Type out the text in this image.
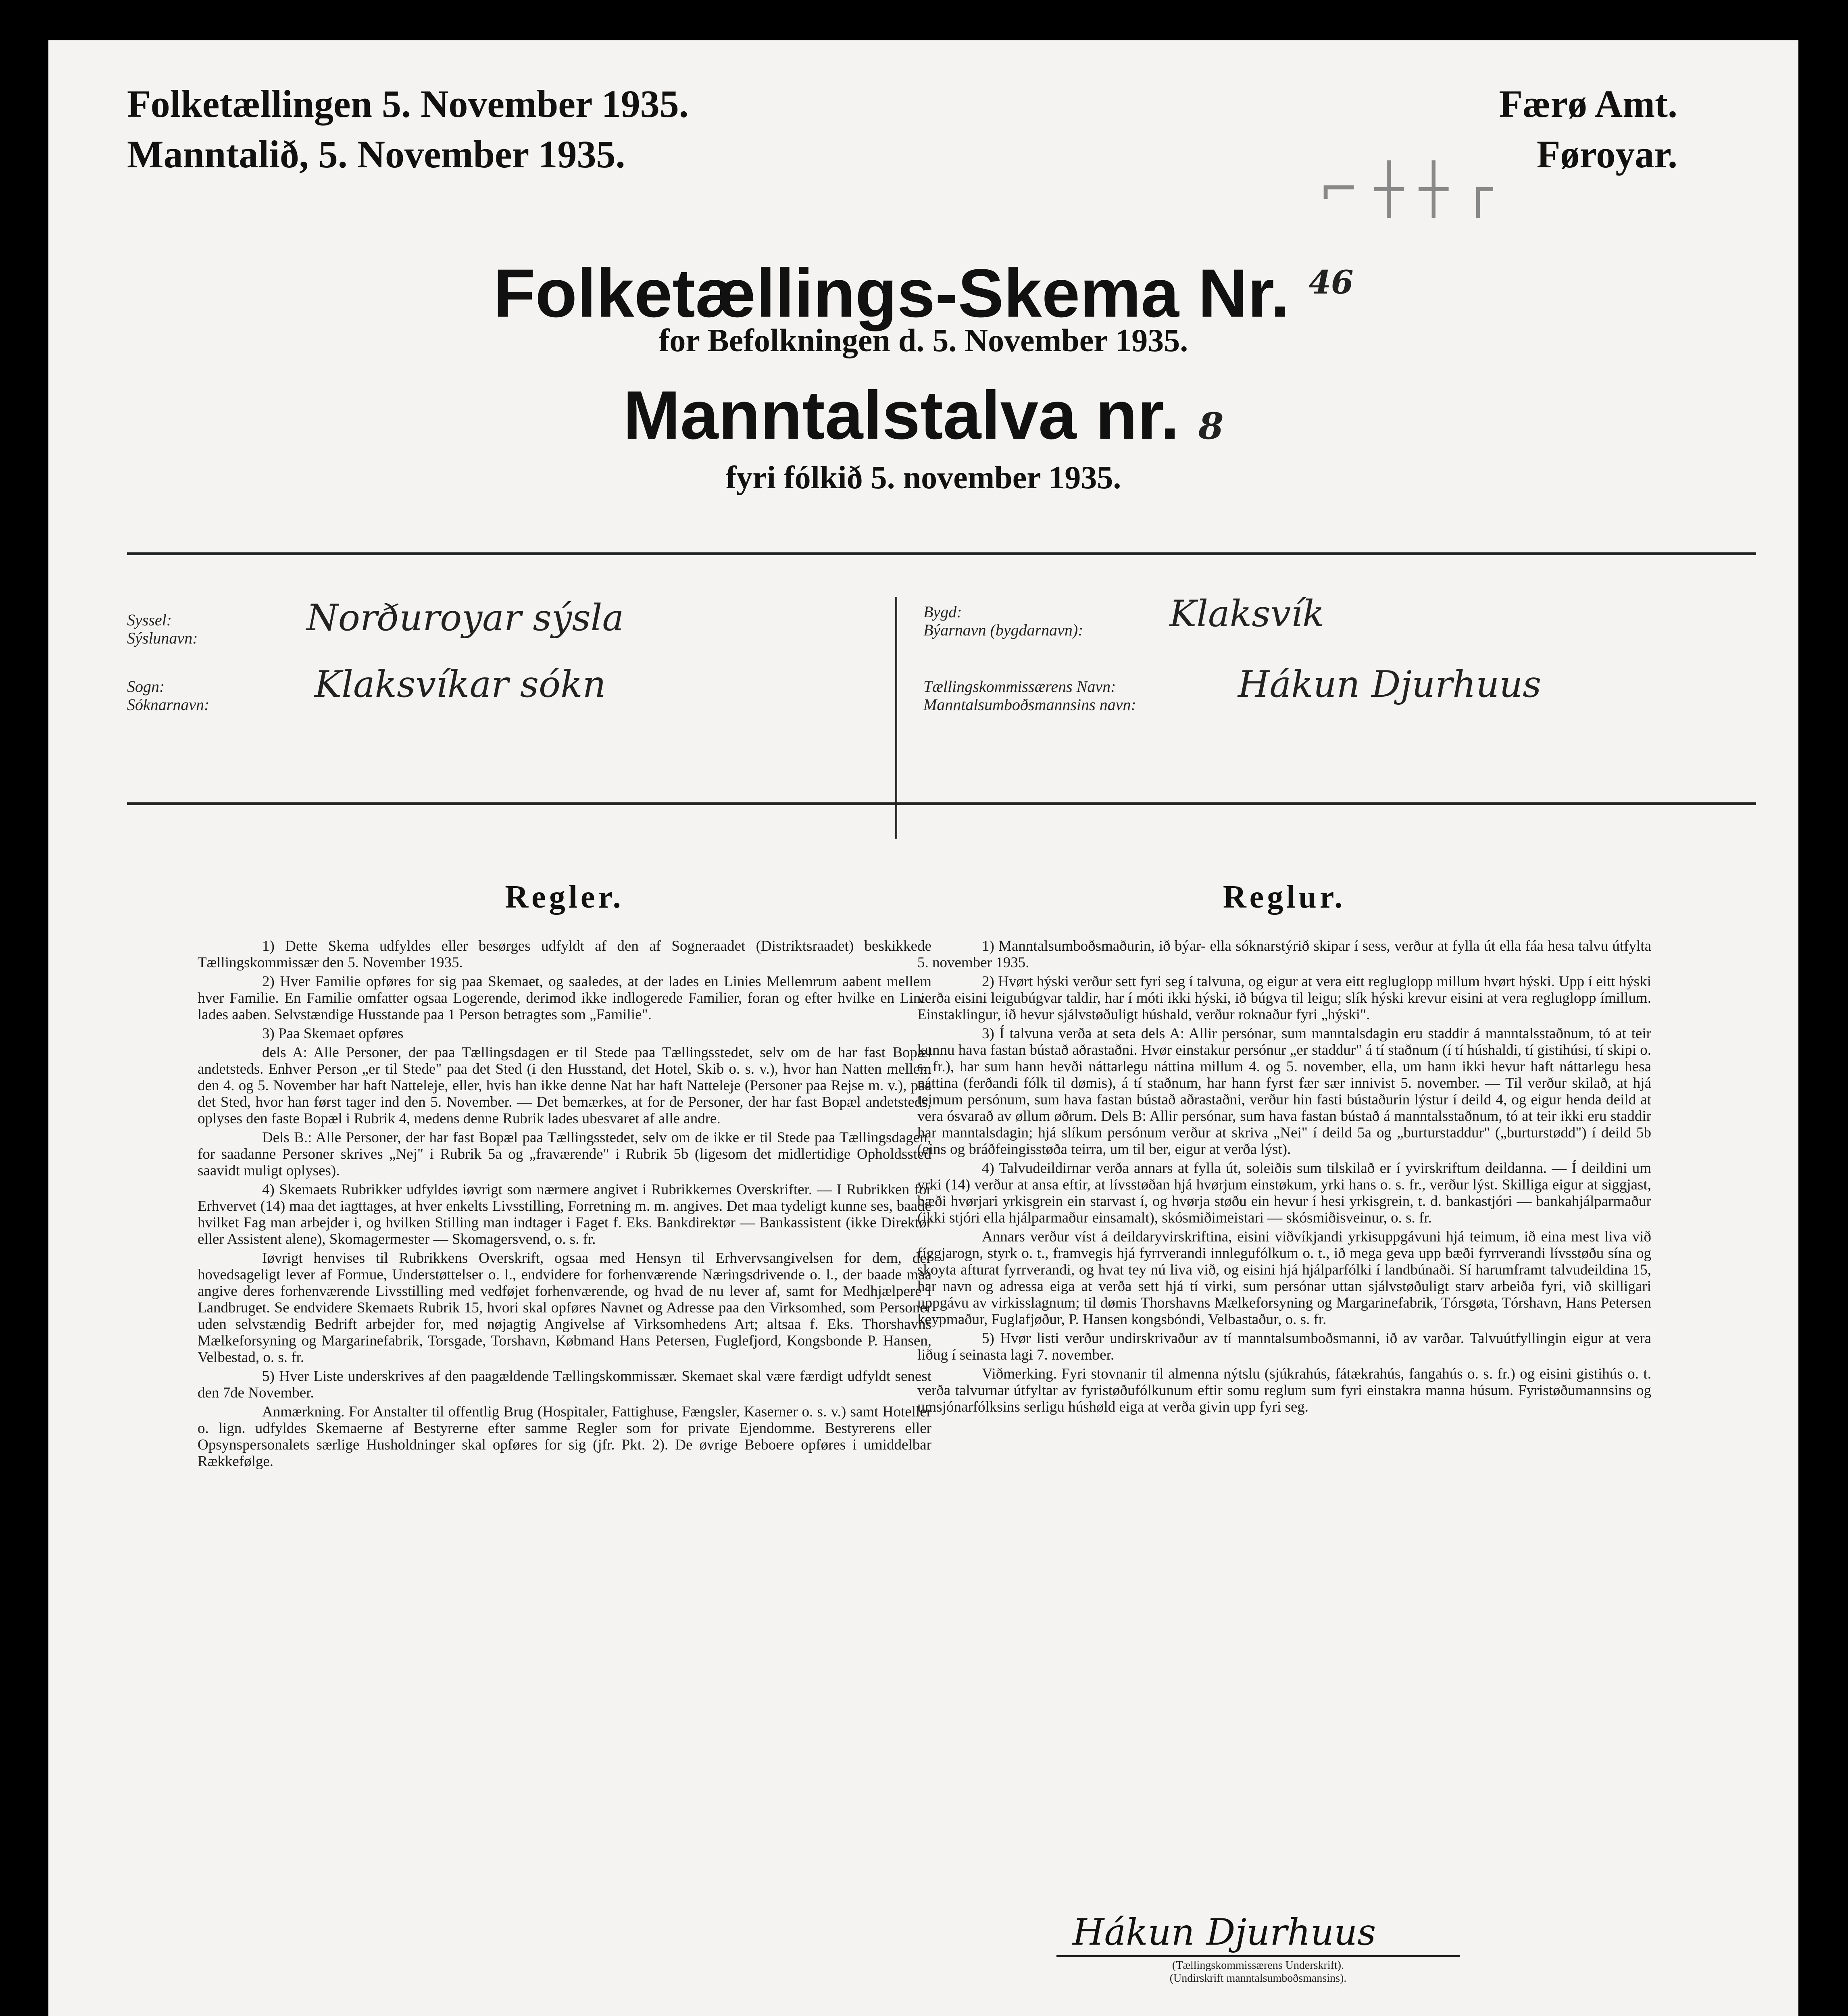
Folketællingen 5. November 1935.
Manntalið, 5. November 1935.
Færø Amt.
Føroyar.
⌐ ┼ ┼ ┌
Folketællings-Skema Nr. $^{46}$
for Befolkningen d. 5. November 1935.
Manntalstalva nr. 8
fyri fólkið 5. november 1935.
Syssel:
Sýslunavn:	Norðuroyar sýsla
Sogn:
Sóknarnavn:	Klaksvíkar sókn
Bygd:
Býarnavn (bygdarnavn): Klaksvík
Tællingskommissærens Navn:
Manntalsumboðsmannsins navn:	Hákun Djurhuus
Regler.

1) Dette Skema udfyldes eller besørges udfyldt af den af Sogneraadet (Distriktsraadet) beskikkede Tællingskommissær den 5. November 1935.

2) Hver Familie opføres for sig paa Skemaet, og saaledes, at der lades en Linies Mellemrum aabent mellem hver Familie. En Familie omfatter ogsaa Logerende, derimod ikke indlogerede Familier, foran og efter hvilke en Linie lades aaben. Selvstændige Husstande paa 1 Person betragtes som „Familie".

3) Paa Skemaet opføres

dels A: Alle Personer, der paa Tællingsdagen er til Stede paa Tællingsstedet, selv om de har fast Bopæl andetsteds. Enhver Person „er til Stede" paa det Sted (i den Husstand, det Hotel, Skib o. s. v.), hvor han Natten mellem den 4. og 5. November har haft Natteleje, eller, hvis han ikke denne Nat har haft Natteleje (Personer paa Rejse m. v.), paa det Sted, hvor han først tager ind den 5. November. — Det bemærkes, at for de Personer, der har fast Bopæl andetsteds, oplyses den faste Bopæl i Rubrik 4, medens denne Rubrik lades ubesvaret af alle andre.

Dels B.: Alle Personer, der har fast Bopæl paa Tællingsstedet, selv om de ikke er til Stede paa Tællingsdagen; for saadanne Personer skrives „Nej" i Rubrik 5a og „fraværende" i Rubrik 5b (ligesom det midlertidige Opholdssted saavidt muligt oplyses).

4) Skemaets Rubrikker udfyldes iøvrigt som nærmere angivet i Rubrikkernes Overskrifter. — I Rubrikken for Erhvervet (14) maa det iagttages, at hver enkelts Livsstilling, Forretning m. m. angives. Det maa tydeligt kunne ses, baade hvilket Fag man arbejder i, og hvilken Stilling man indtager i Faget f. Eks. Bankdirektør — Bankassistent (ikke Direktør eller Assistent alene), Skomagermester — Skomagersvend, o. s. fr.

Iøvrigt henvises til Rubrikkens Overskrift, ogsaa med Hensyn til Erhvervsangivelsen for dem, der hovedsageligt lever af Formue, Understøttelser o. l., endvidere for forhenværende Næringsdrivende o. l., der baade maa angive deres forhenværende Livsstilling med vedføjet forhenværende, og hvad de nu lever af, samt for Medhjælpere i Landbruget. Se endvidere Skemaets Rubrik 15, hvori skal opføres Navnet og Adresse paa den Virksomhed, som Personer uden selvstændig Bedrift arbejder for, med nøjagtig Angivelse af Virksomhedens Art; altsaa f. Eks. Thorshavns Mælkeforsyning og Margarinefabrik, Torsgade, Torshavn, Købmand Hans Petersen, Fuglefjord, Kongsbonde P. Hansen, Velbestad, o. s. fr.

5) Hver Liste underskrives af den paagældende Tællingskommissær. Skemaet skal være færdigt udfyldt senest den 7de November.

Anmærkning. For Anstalter til offentlig Brug (Hospitaler, Fattighuse, Fængsler, Kaserner o. s. v.) samt Hoteller o. lign. udfyldes Skemaerne af Bestyrerne efter samme Regler som for private Ejendomme. Bestyrerens eller Opsynspersonalets særlige Husholdninger skal opføres for sig (jfr. Pkt. 2). De øvrige Beboere opføres i umiddelbar Rækkefølge.

Reglur.

1) Manntalsumboðsmaðurin, ið býar- ella sóknarstýrið skipar í sess, verður at fylla út ella fáa hesa talvu útfylta 5. november 1935.

2) Hvørt hýski verður sett fyri seg í talvuna, og eigur at vera eitt regluglopp millum hvørt hýski. Upp í eitt hýski verða eisini leigubúgvar taldir, har í móti ikki hýski, ið búgva til leigu; slík hýski krevur eisini at vera regluglopp ímillum. Einstaklingur, ið hevur sjálvstøðuligt húshald, verður roknaður fyri „hýski".

3) Í talvuna verða at seta dels A: Allir persónar, sum manntalsdagin eru staddir á manntalsstaðnum, tó at teir kunnu hava fastan bústað aðrastaðni. Hvør einstakur persónur „er staddur" á tí staðnum (í tí húshaldi, tí gistihúsi, tí skipi o. s. fr.), har sum hann hevði náttarlegu náttina millum 4. og 5. november, ella, um hann ikki hevur haft náttarlegu hesa náttina (ferðandi fólk til dømis), á tí staðnum, har hann fyrst fær sær innivist 5. november. — Til verður skilað, at hjá teimum persónum, sum hava fastan bústað aðrastaðni, verður hin fasti bústaðurin lýstur í deild 4, og eigur henda deild at vera ósvarað av øllum øðrum. Dels B: Allir persónar, sum hava fastan bústað á manntalsstaðnum, tó at teir ikki eru staddir har manntalsdagin; hjá slíkum persónum verður at skriva „Nei" í deild 5a og „burturstaddur" („burturstødd") í deild 5b (eins og bráðfeingisstøða teirra, um til ber, eigur at verða lýst).

4) Talvudeildirnar verða annars at fylla út, soleiðis sum tilskilað er í yvirskriftum deildanna. — Í deildini um yrki (14) verður at ansa eftir, at lívsstøðan hjá hvørjum einstøkum, yrki hans o. s. fr., verður lýst. Skilliga eigur at siggjast, bæði hvørjari yrkisgrein ein starvast í, og hvørja støðu ein hevur í hesi yrkisgrein, t. d. bankastjóri — bankahjálparmaður (ikki stjóri ella hjálparmaður einsamalt), skósmiðimeistari — skósmiðisveinur, o. s. fr.

Annars verður víst á deildaryvirskriftina, eisini viðvíkjandi yrkisuppgávuni hjá teimum, ið eina mest liva við fíggjarogn, styrk o. t., framvegis hjá fyrrverandi innlegufólkum o. t., ið mega geva upp bæði fyrrverandi lívsstøðu sína og skoyta afturat fyrrverandi, og hvat tey nú liva við, og eisini hjá hjálparfólki í landbúnaði. Sí harumframt talvudeildina 15, har navn og adressa eiga at verða sett hjá tí virki, sum persónar uttan sjálvstøðuligt starv arbeiða fyri, við skilligari uppgávu av virkisslagnum; til dømis Thorshavns Mælkeforsyning og Margarinefabrik, Tórsgøta, Tórshavn, Hans Petersen keypmaður, Fuglafjøður, P. Hansen kongsbóndi, Velbastaður, o. s. fr.

5) Hvør listi verður undirskrivaður av tí manntalsumboðsmanni, ið av varðar. Talvuútfyllingin eigur at vera liðug í seinasta lagi 7. november.

Viðmerking. Fyri stovnanir til almenna nýtslu (sjúkrahús, fátækrahús, fangahús o. s. fr.) og eisini gistihús o. t. verða talvurnar útfyltar av fyristøðufólkunum eftir somu reglum sum fyri einstakra manna húsum. Fyristøðumannsins og umsjónarfólksins serligu húshøld eiga at verða givin upp fyri seg.

Hákun Djurhuus
(Tællingskommissærens Underskrift).
(Undirskrift manntalsumboðsmansins).
